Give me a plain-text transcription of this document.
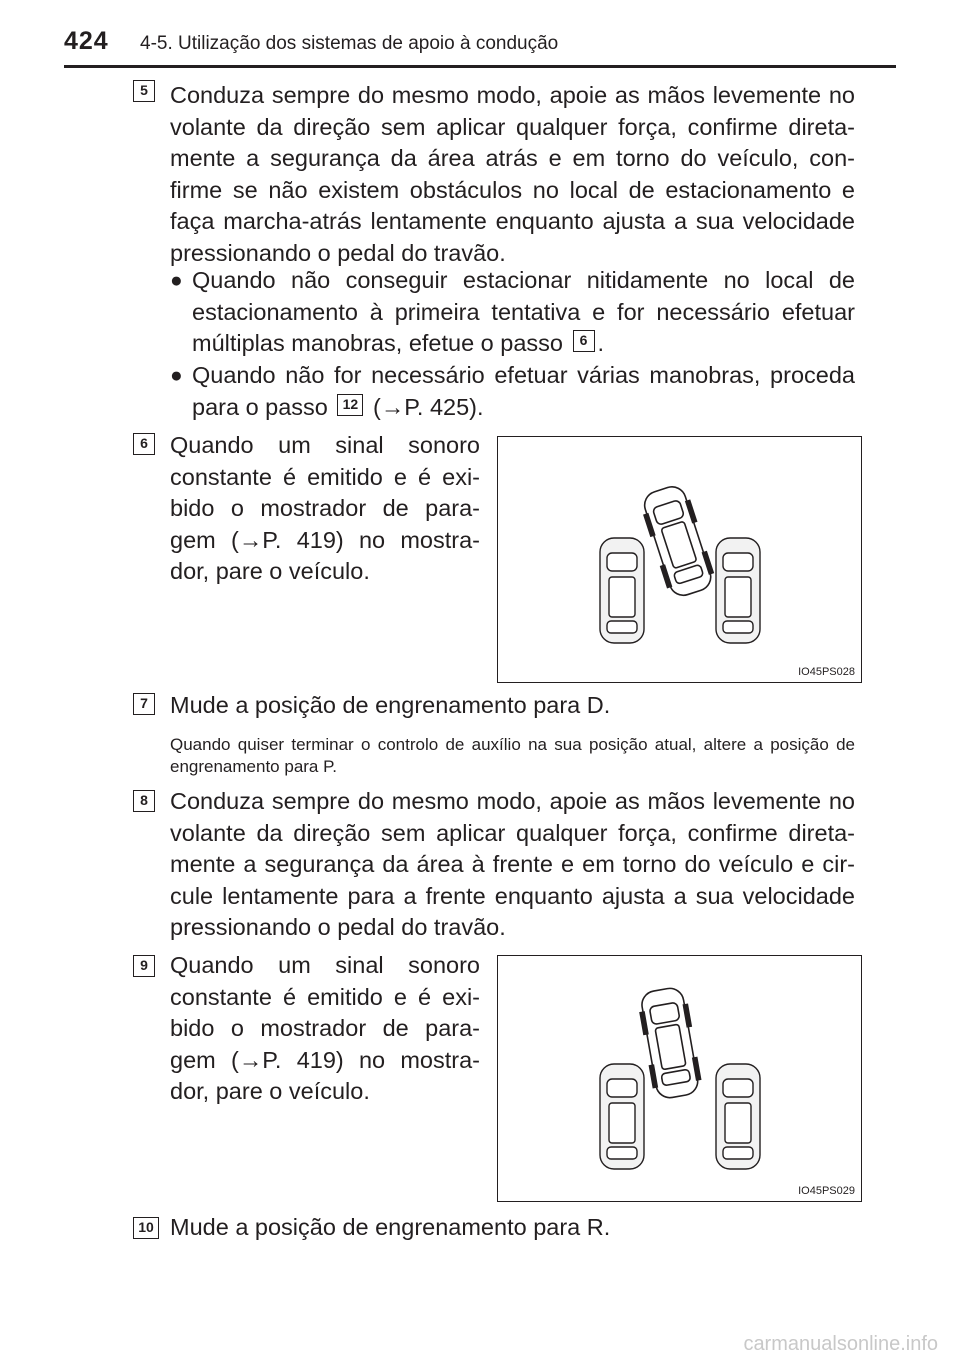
424 4-5. Utilização dos sistemas de apoio à condução
5 Conduza sempre do mesmo modo, apoie as mãos levemente no volante da direção sem aplicar qualquer força, confirme direta-mente a segurança da área atrás e em torno do veículo, con-firme se não existem obstáculos no local de estacionamento e faça marcha-atrás lentamente enquanto ajusta a sua velocidade pressionando o pedal do travão.

● Quando não conseguir estacionar nitidamente no local de estacionamento à primeira tentativa e for necessário efetuar múltiplas manobras, efetue o passo 6 .
● Quando não for necessário efetuar várias manobras, proceda para o passo 12 (→P. 425).
6 Quando um sinal sonoro constante é emitido e é exi-bido o mostrador de para-gem (→P. 419) no mostra-dor, pare o veículo.

IO45PS028
7 Mude a posição de engrenamento para D.

Quando quiser terminar o controlo de auxílio na sua posição atual, altere a posição de engrenamento para P.

8 Conduza sempre do mesmo modo, apoie as mãos levemente no volante da direção sem aplicar qualquer força, confirme direta-mente a segurança da área à frente e em torno do veículo e cir-cule lentamente para a frente enquanto ajusta a sua velocidade pressionando o pedal do travão.

9 Quando um sinal sonoro constante é emitido e é exi-bido o mostrador de para-gem (→P. 419) no mostra-dor, pare o veículo.

IO45PS029
10 Mude a posição de engrenamento para R.

carmanualsonline.info
